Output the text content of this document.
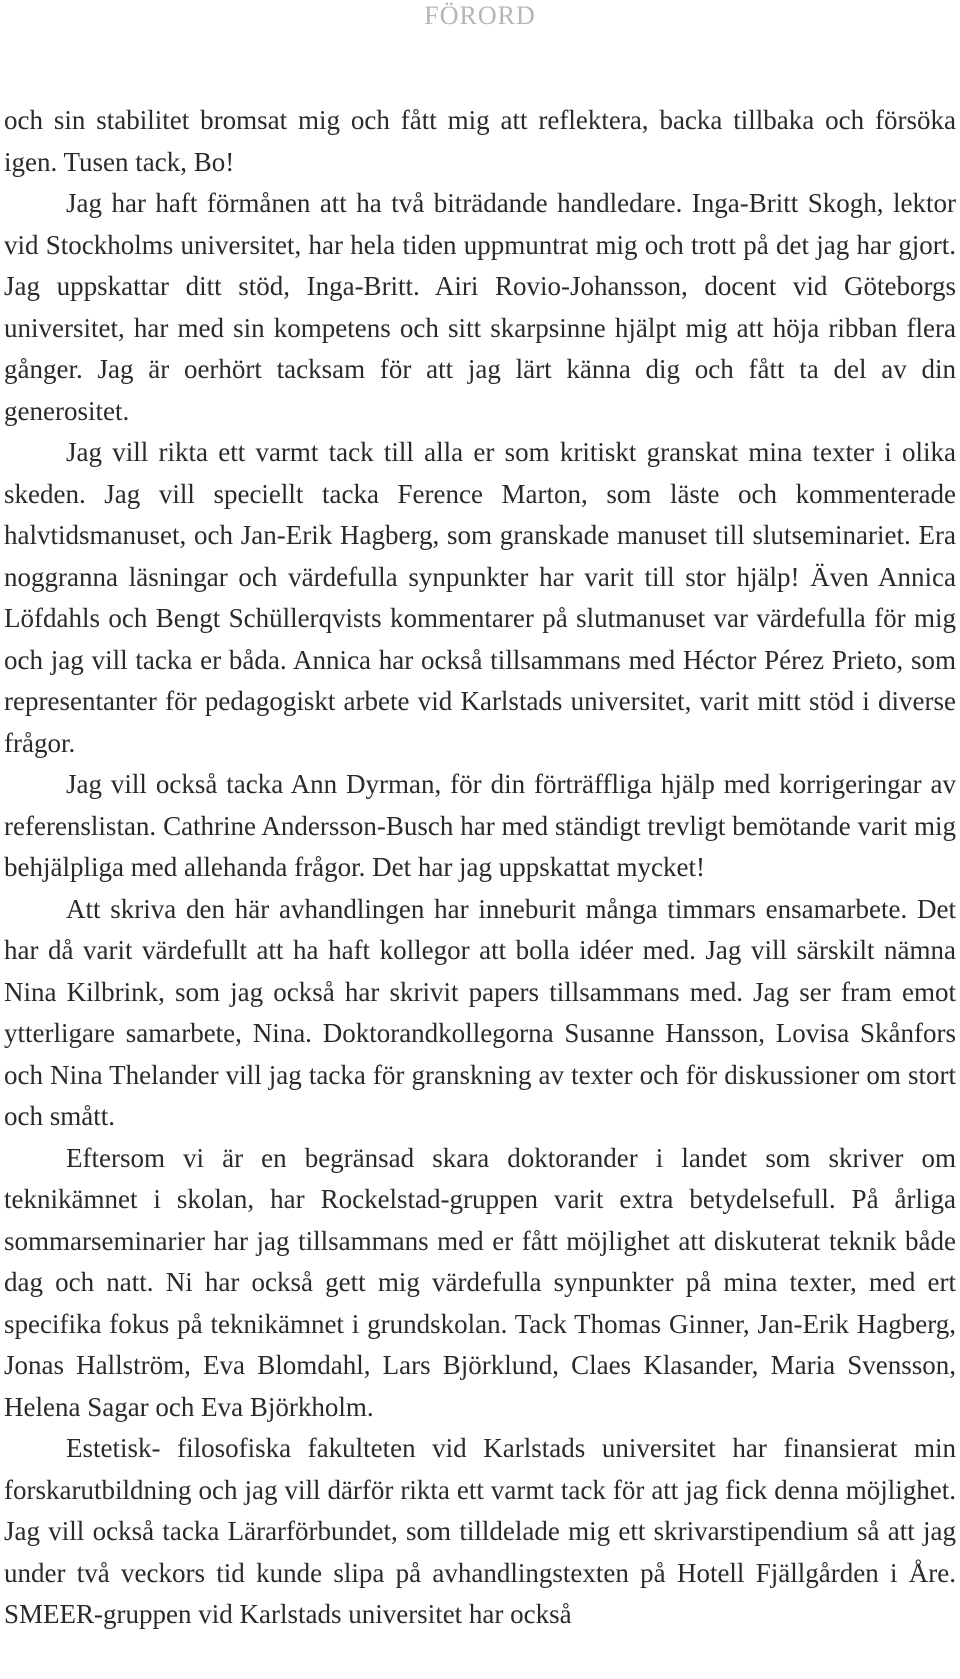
FÖRORD

och sin stabilitet bromsat mig och fått mig att reflektera, backa tillbaka och försöka igen. Tusen tack, Bo!

Jag har haft förmånen att ha två biträdande handledare. Inga-Britt Skogh, lektor vid Stockholms universitet, har hela tiden uppmuntrat mig och trott på det jag har gjort. Jag uppskattar ditt stöd, Inga-Britt. Airi Rovio-Johansson, docent vid Göteborgs universitet, har med sin kompetens och sitt skarpsinne hjälpt mig att höja ribban flera gånger. Jag är oerhört tacksam för att jag lärt känna dig och fått ta del av din generositet.

Jag vill rikta ett varmt tack till alla er som kritiskt granskat mina texter i olika skeden. Jag vill speciellt tacka Ference Marton, som läste och kommenterade halvtidsmanuset, och Jan-Erik Hagberg, som granskade manuset till slutseminariet. Era noggranna läsningar och värdefulla synpunkter har varit till stor hjälp! Även Annica Löfdahls och Bengt Schüllerqvists kommentarer på slutmanuset var värdefulla för mig och jag vill tacka er båda. Annica har också tillsammans med Héctor Pérez Prieto, som representanter för pedagogiskt arbete vid Karlstads universitet, varit mitt stöd i diverse frågor.

Jag vill också tacka Ann Dyrman, för din förträffliga hjälp med korrigeringar av referenslistan. Cathrine Andersson-Busch har med ständigt trevligt bemötande varit mig behjälpliga med allehanda frågor. Det har jag uppskattat mycket!

Att skriva den här avhandlingen har inneburit många timmars ensamarbete. Det har då varit värdefullt att ha haft kollegor att bolla idéer med. Jag vill särskilt nämna Nina Kilbrink, som jag också har skrivit papers tillsammans med. Jag ser fram emot ytterligare samarbete, Nina. Doktorandkollegorna Susanne Hansson, Lovisa Skånfors och Nina Thelander vill jag tacka för granskning av texter och för diskussioner om stort och smått.

Eftersom vi är en begränsad skara doktorander i landet som skriver om teknikämnet i skolan, har Rockelstad-gruppen varit extra betydelsefull. På årliga sommarseminarier har jag tillsammans med er fått möjlighet att diskuterat teknik både dag och natt. Ni har också gett mig värdefulla synpunkter på mina texter, med ert specifika fokus på teknikämnet i grundskolan. Tack Thomas Ginner, Jan-Erik Hagberg, Jonas Hallström, Eva Blomdahl, Lars Björklund, Claes Klasander, Maria Svensson, Helena Sagar och Eva Björkholm.

Estetisk- filosofiska fakulteten vid Karlstads universitet har finansierat min forskarutbildning och jag vill därför rikta ett varmt tack för att jag fick denna möjlighet. Jag vill också tacka Lärarförbundet, som tilldelade mig ett skrivarstipendium så att jag under två veckors tid kunde slipa på avhandlingstexten på Hotell Fjällgården i Åre. SMEER-gruppen vid Karlstads universitet har också
